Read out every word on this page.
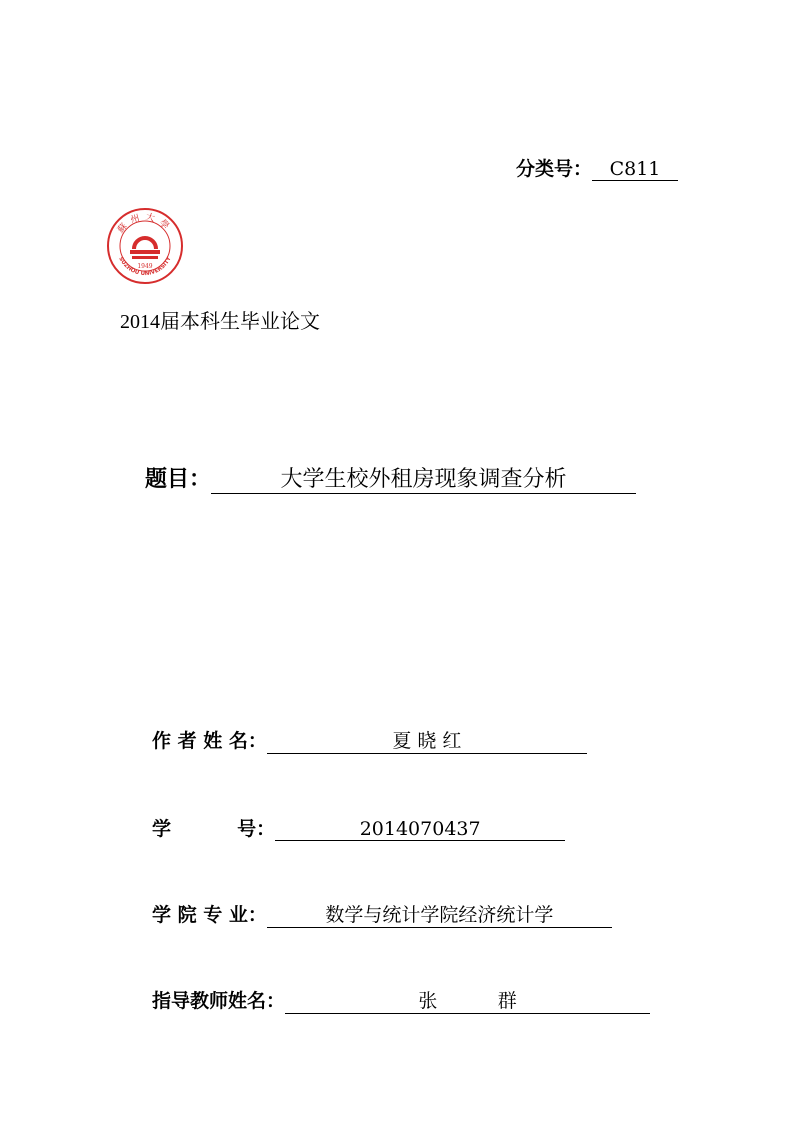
分类号： C811
蘇州大學
SUZHOU UNIVERSITY
1949
2014届本科生毕业论文
题目：	大学生校外租房现象调查分析
作 者 姓 名：	夏 晓 红
学          号：	2014070437
学 院 专 业：	数学与统计学院经济统计学
指导教师姓名：	张          群
